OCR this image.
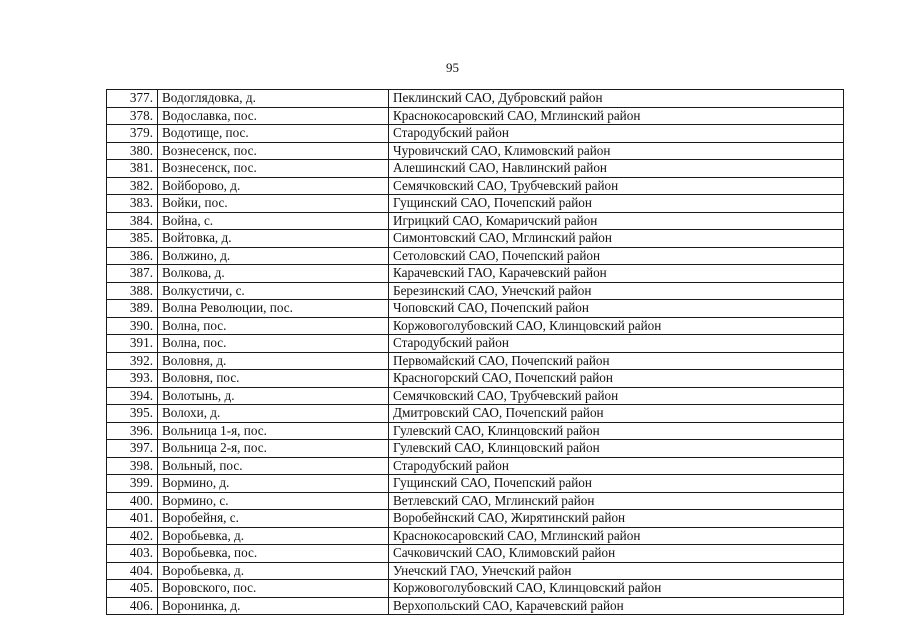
95
377.	Водоглядовка, д.	Пеклинский САО, Дубровский район
378.	Водославка, пос.	Краснокосаровский САО, Мглинский район
379.	Водотище, пос.	Стародубский район
380.	Вознесенск, пос.	Чуровичский САО, Климовский район
381.	Вознесенск, пос.	Алешинский САО, Навлинский район
382.	Войборово, д.	Семячковский САО, Трубчевский район
383.	Войки, пос.	Гущинский САО, Почепский район
384.	Война, с.	Игрицкий САО, Комаричский район
385.	Войтовка, д.	Симонтовский САО, Мглинский район
386.	Волжино, д.	Сетоловский САО, Почепский район
387.	Волкова, д.	Карачевский ГАО, Карачевский район
388.	Волкустичи, с.	Березинский САО, Унечский район
389.	Волна Революции, пос.	Чоповский САО, Почепский район
390.	Волна, пос.	Коржовоголубовский САО, Клинцовский район
391.	Волна, пос.	Стародубский район
392.	Воловня, д.	Первомайский САО, Почепский район
393.	Воловня, пос.	Красногорский САО, Почепский район
394.	Волотынь, д.	Семячковский САО, Трубчевский район
395.	Волохи, д.	Дмитровский САО, Почепский район
396.	Вольница 1-я, пос.	Гулевский САО, Клинцовский район
397.	Вольница 2-я, пос.	Гулевский САО, Клинцовский район
398.	Вольный, пос.	Стародубский район
399.	Вормино, д.	Гущинский САО, Почепский район
400.	Вормино, с.	Ветлевский САО, Мглинский район
401.	Воробейня, с.	Воробейнский САО, Жирятинский район
402.	Воробьевка, д.	Краснокосаровский САО, Мглинский район
403.	Воробьевка, пос.	Сачковичский САО, Климовский район
404.	Воробьевка, д.	Унечский ГАО, Унечский район
405.	Воровского, пос.	Коржовоголубовский САО, Клинцовский район
406.	Воронинка, д.	Верхопольский САО, Карачевский район
